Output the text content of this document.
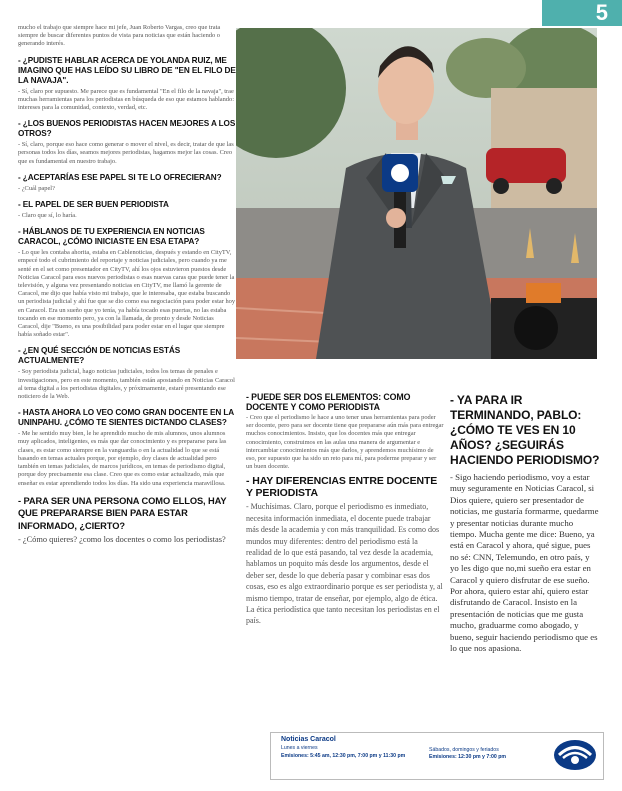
5

mucho el trabajo que siempre hace mi jefe, Juan Roberto Vargas, creo que trata siempre de buscar diferentes puntos de vista para noticias que están haciendo o generando interés.

- ¿PUDISTE HABLAR ACERCA DE YOLANDA RUIZ, ME IMAGINO QUE HAS LEÍDO SU LIBRO DE "EN EL FILO DE LA NAVAJA".

- Sí, claro por supuesto. Me parece que es fundamental "En el filo de la navaja", trae muchas herramientas para los periodistas en búsqueda de eso que estamos hablando: intereses para la comunidad, contexto, verdad, etc.

- ¿LOS BUENOS PERIODISTAS HACEN MEJORES A LOS OTROS?

- Sí, claro, porque eso hace como generar o mover el nivel, es decir, tratar de que las personas todos los días, seamos mejores periodistas, hagamos mejor las cosas. Creo que es fundamental en nuestro trabajo.

- ¿ACEPTARÍAS ESE PAPEL SI TE LO OFRECIERAN?

- ¿Cuál papel?

- EL PAPEL DE SER BUEN PERIODISTA

- Claro que sí, lo haría.

- HÁBLANOS DE TU EXPERIENCIA EN NOTICIAS CARACOL, ¿CÓMO INICIASTE EN ESA ETAPA?

- Lo que les contaba ahorita, estaba en Cablenoticias, después y estando en CityTV, empecé todo el cubrimiento del reportaje y noticias judiciales, pero cuando ya me senté en el set como presentador en CityTV, ahí los ojos estuvieron puestos desde Noticias Caracol para esos nuevos periodistas o esas nuevas caras que puede tener la televisión, y alguna vez presentando noticias en CityTV, me llamó la gerente de Caracol, me dijo que había visto mi trabajo, que le interesaba, que estaba buscando un periodista judicial y ahí fue que se dio como esa negociación para poder estar hoy en Caracol. Era un sueño que yo tenía, ya había tocado esas puertas, no las estaba tocando en ese momento pero, ya con la llamada, de pronto y desde Noticias Caracol, dije "Bueno, es una posibilidad para poder estar en el lugar que siempre había soñado estar".

- ¿EN QUÉ SECCIÓN DE NOTICIAS ESTÁS ACTUALMENTE?

- Soy periodista judicial, hago noticias judiciales, todos los temas de penales e investigaciones, pero en este momento, también están apostando en Noticias Caracol al tema digital a los periodistas digitales, y próximamente, estaré presentando ese noticiero de la Web.

- HASTA AHORA LO VEO COMO GRAN DOCENTE EN LA UNINPAHU. ¿CÓMO TE SIENTES DICTANDO CLASES?

- Me he sentido muy bien, le he aprendido mucho de mis alumnos, unos alumnos muy aplicados, inteligentes, es más que dar conocimiento y es prepararse para las clases, es estar como siempre en la vanguardia o en la actualidad lo que se está basando en temas actuales porque, por ejemplo, doy clases de actualidad pero también en temas judiciales, de marcos jurídicos, en temas de periodismo digital, porque doy precisamente esa clase. Creo que es como estar actualizado, más que enseñar es estar aprendiendo todos los días. Ha sido una experiencia maravillosa.

- PARA SER UNA PERSONA COMO ELLOS, HAY QUE PREPARARSE BIEN PARA ESTAR INFORMADO, ¿CIERTO?

- ¿Cómo quieres? ¿como los docentes o como los periodistas?

- PUEDE SER DOS ELEMENTOS: COMO DOCENTE Y COMO PERIODISTA

- Creo que el periodismo le hace a uno tener unas herramientas para poder ser docente, pero para ser docente tiene que prepararse aún más para entregar muchos conocimientos. Insisto, que los docentes más que entregar conocimiento, construimos en las aulas una manera de argumentar e intercambiar conocimientos más que darlos, y aprendemos muchísimo de eso, por supuesto que ha sido un reto para mí, para poderme preparar y ser un buen docente.

- HAY DIFERENCIAS ENTRE DOCENTE Y PERIODISTA

- Muchísimas. Claro, porque el periodismo es inmediato, necesita información inmediata, el docente puede trabajar más desde la academia y con más tranquilidad. Es como dos mundos muy diferentes: dentro del periodismo está la realidad de lo que está pasando, tal vez desde la academia, hablamos un poquito más desde los argumentos, desde el deber ser, desde lo que debería pasar y combinar esas dos cosas, eso es algo extraordinario porque es ser periodista y, al mismo tiempo, tratar de enseñar, por ejemplo, algo de ética. La ética periodística que tanto necesitan los periodistas en el país.

- YA PARA IR TERMINANDO, PABLO: ¿CÓMO TE VES EN 10 AÑOS? ¿SEGUIRÁS HACIENDO PERIODISMO?

- Sigo haciendo periodismo, voy a estar muy seguramente en Noticias Caracol, si Dios quiere, quiero ser presentador de noticias, me gustaría formarme, quedarme y presentar noticias durante mucho tiempo. Mucha gente me dice: Bueno, ya está en Caracol y ahora, qué sigue, pues no sé: CNN, Telemundo, en otro país, y yo les digo que no,mi sueño era estar en Caracol y quiero disfrutar de ese sueño. Por ahora, quiero estar ahí, quiero estar disfrutando de Caracol. Insisto en la presentación de noticias que me gusta mucho, graduarme como abogado, y bueno, seguir haciendo periodismo que es lo que nos apasiona.

Noticias Caracol
Lunes a viernes
Emisiones: 5:45 am, 12:30 pm, 7:00 pm y 11:30 pm
Sábados, domingos y feriados
Emisiones: 12:30 pm y 7:00 pm
